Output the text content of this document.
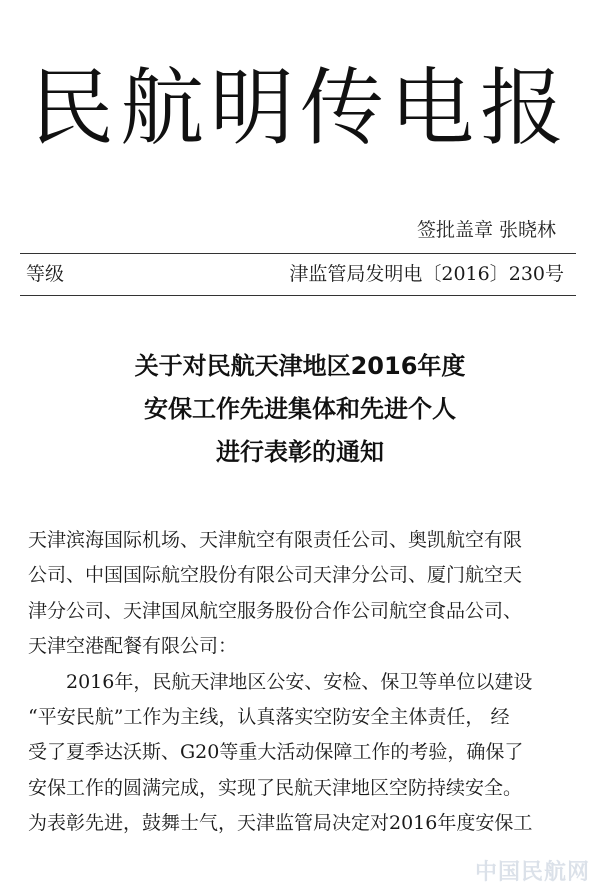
民航明传电报
签批盖章 张晓林
等级	津监管局发明电〔2016〕230号
关于对民航天津地区2016年度
安保工作先进集体和先进个人
进行表彰的通知
天津滨海国际机场、天津航空有限责任公司、奥凯航空有限
公司、中国国际航空股份有限公司天津分公司、厦门航空天
津分公司、天津国凤航空服务股份合作公司航空食品公司、
天津空港配餐有限公司：
2016年，民航天津地区公安、安检、保卫等单位以建设
“平安民航”工作为主线，认真落实空防安全主体责任， 经
受了夏季达沃斯、G20等重大活动保障工作的考验，确保了
安保工作的圆满完成，实现了民航天津地区空防持续安全。
为表彰先进，鼓舞士气，天津监管局决定对2016年度安保工
中国民航网
